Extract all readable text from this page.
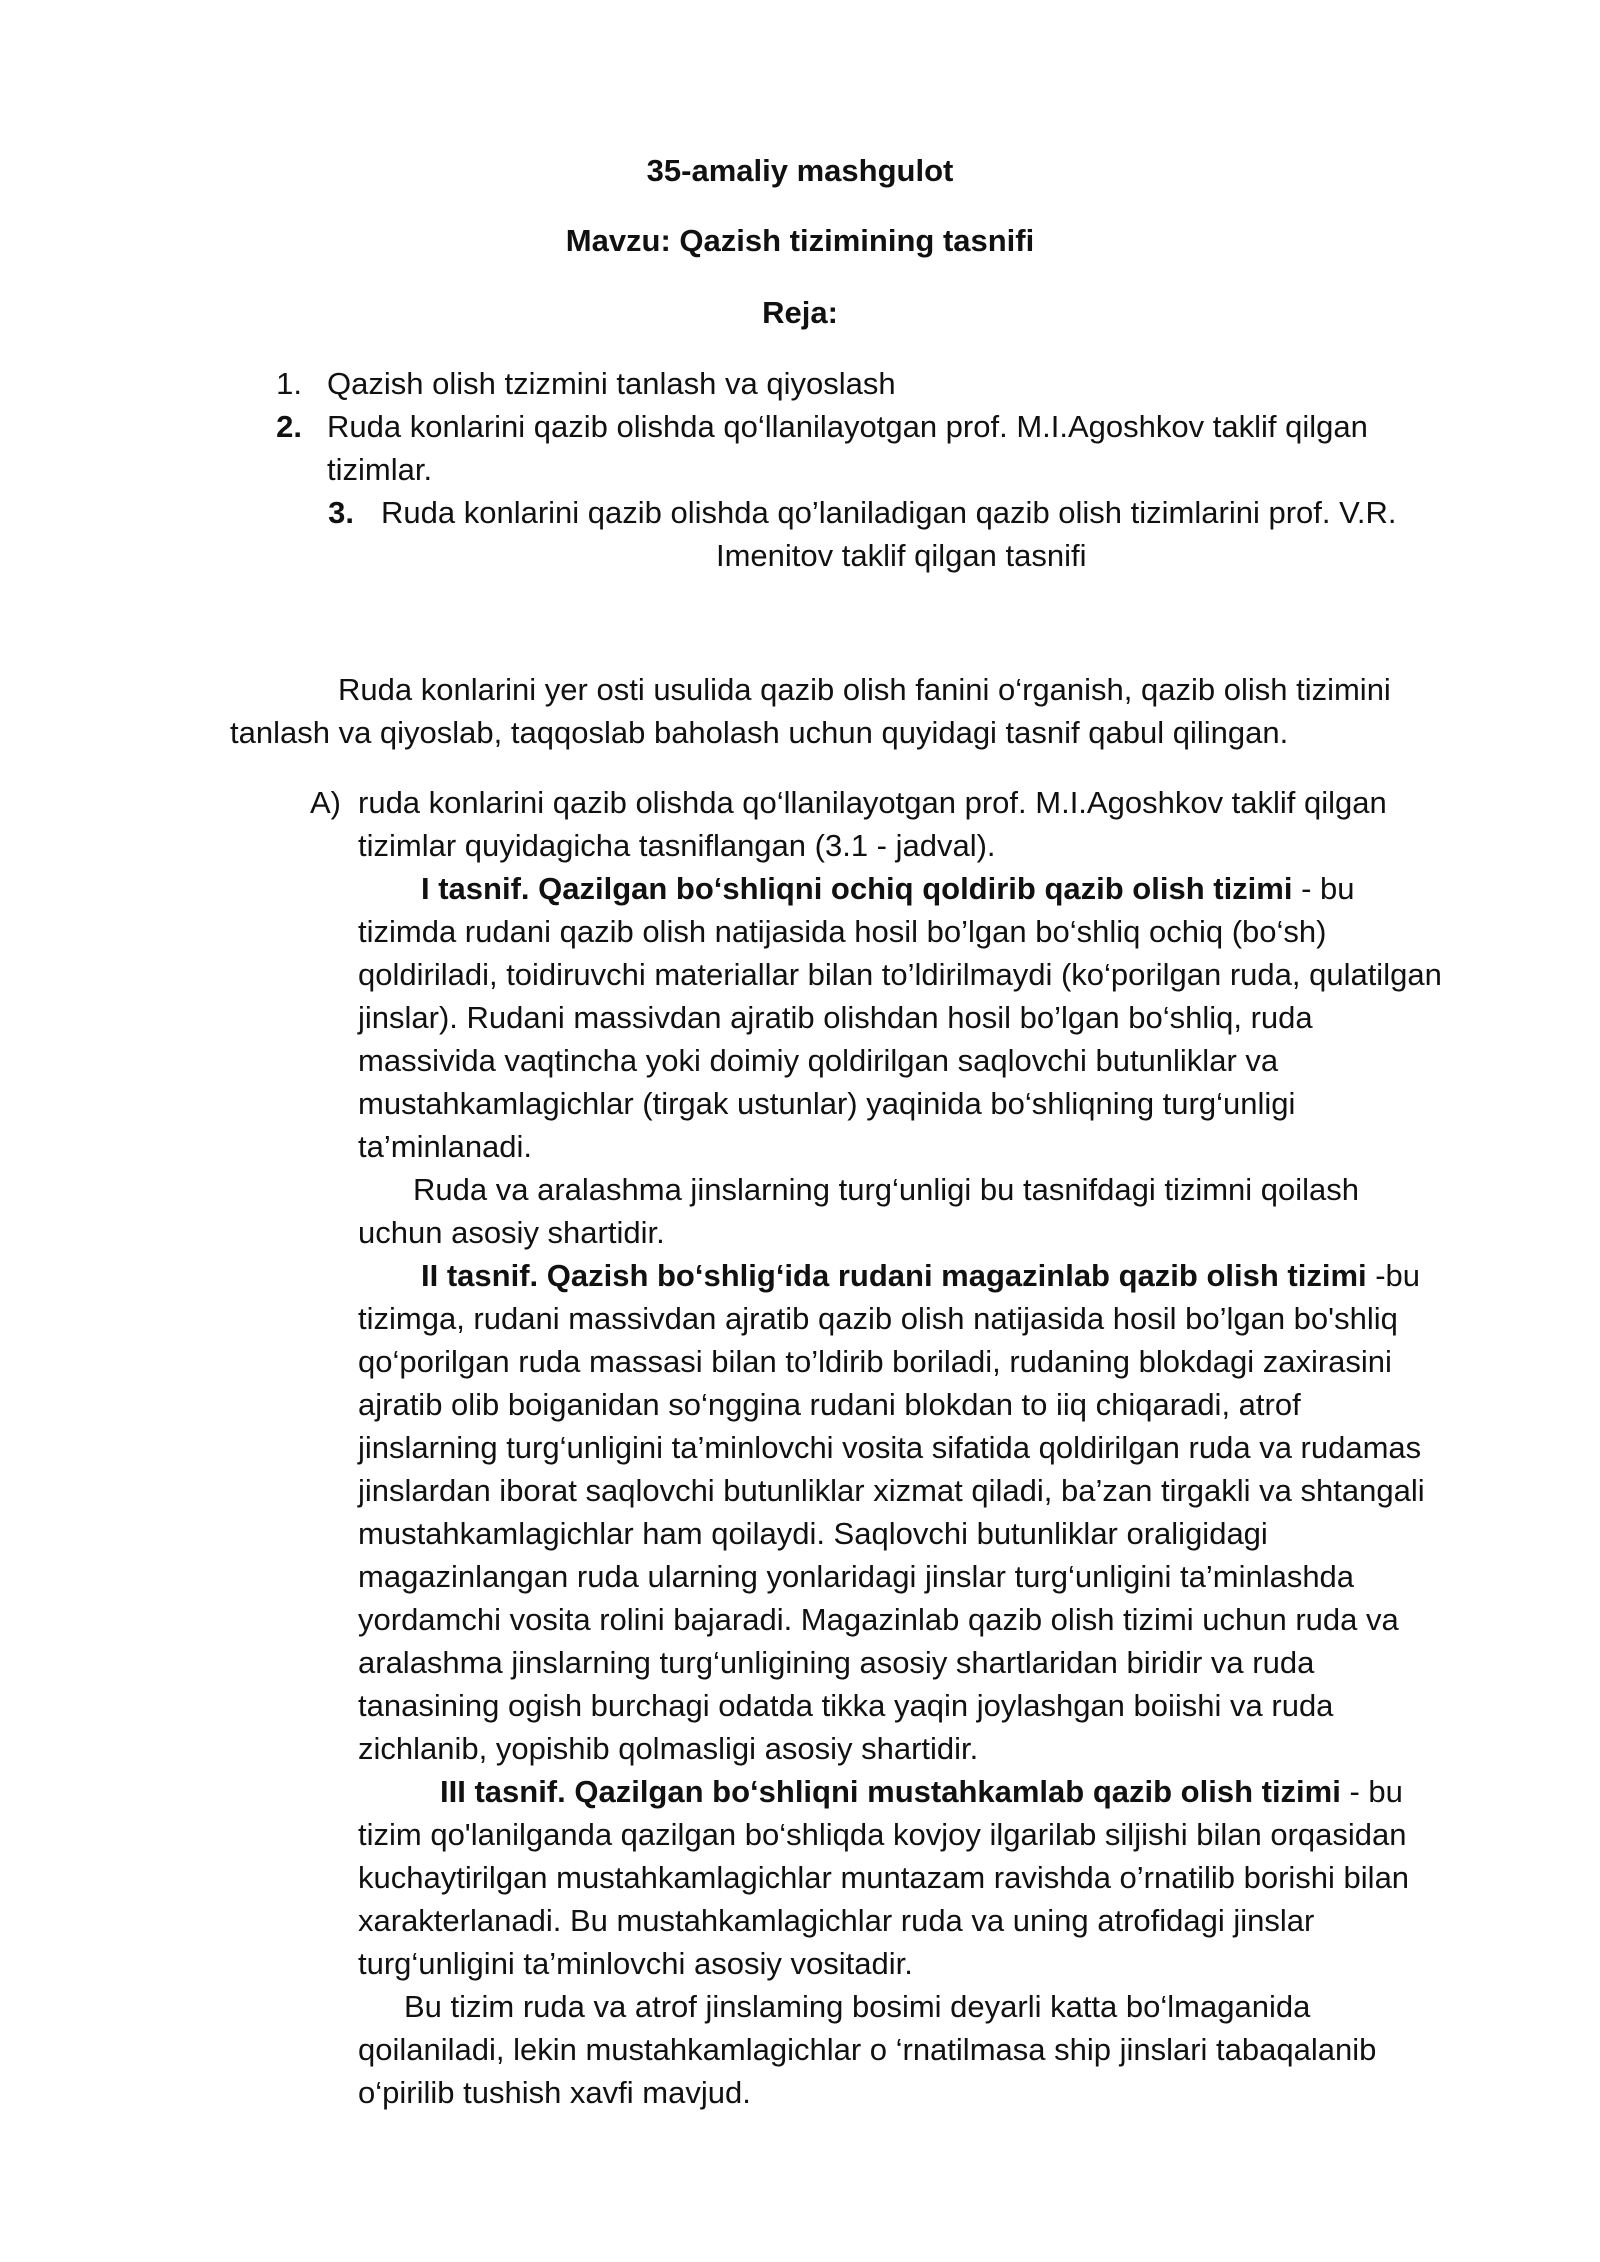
35-amaliy mashgulot
Mavzu: Qazish tizimining tasnifi
Reja:
1. Qazish olish tzizmini tanlash va qiyoslash
2. Ruda konlarini qazib olishda qo‘llanilayotgan prof. M.I.Agoshkov taklif qilgan
tizimlar.
3. Ruda konlarini qazib olishda qo’laniladigan qazib olish tizimlarini prof. V.R.
Imenitov taklif qilgan tasnifi
Ruda konlarini yer osti usulida qazib olish fanini o‘rganish, qazib olish tizimini
tanlash va qiyoslab, taqqoslab baholash uchun quyidagi tasnif qabul qilingan.
A) ruda konlarini qazib olishda qo‘llanilayotgan prof. M.I.Agoshkov taklif qilgan
tizimlar quyidagicha tasniflangan (3.1 - jadval).
I tasnif. Qazilgan bo‘shIiqni ochiq qoldirib qazib olish tizimi - bu
tizimda rudani qazib olish natijasida hosil bo’lgan bo‘shliq ochiq (bo‘sh)
qoldiriladi, toidiruvchi materiallar bilan to’ldirilmaydi (ko‘porilgan ruda, qulatilgan
jinslar). Rudani massivdan ajratib olishdan hosil bo’lgan bo‘shliq, ruda
massivida vaqtincha yoki doimiy qoldirilgan saqlovchi butunliklar va
mustahkamlagichlar (tirgak ustunlar) yaqinida bo‘shliqning turg‘unligi
ta’minlanadi.
Ruda va aralashma jinslarning turg‘unligi bu tasnifdagi tizimni qoilash
uchun asosiy shartidir.
II tasnif. Qazish bo‘shlig‘ida rudani magazinlab qazib olish tizimi -bu
tizimga, rudani massivdan ajratib qazib olish natijasida hosil bo’lgan bo'shliq
qo‘porilgan ruda massasi bilan to’ldirib boriladi, rudaning blokdagi zaxirasini
ajratib olib boiganidan so‘nggina rudani blokdan to iiq chiqaradi, atrof
jinslarning turg‘unligini ta’minlovchi vosita sifatida qoldirilgan ruda va rudamas
jinslardan iborat saqlovchi butunliklar xizmat qiladi, ba’zan tirgakli va shtangali
mustahkamlagichlar ham qoilaydi. Saqlovchi butunliklar oraligidagi
magazinlangan ruda ularning yonlaridagi jinslar turg‘unligini ta’minlashda
yordamchi vosita rolini bajaradi. Magazinlab qazib olish tizimi uchun ruda va
aralashma jinslarning turg‘unligining asosiy shartlaridan biridir va ruda
tanasining ogish burchagi odatda tikka yaqin joylashgan boiishi va ruda
zichlanib, yopishib qolmasligi asosiy shartidir.
III tasnif. Qazilgan bo‘shliqni mustahkamlab qazib olish tizimi - bu
tizim qo'lanilganda qazilgan bo‘shliqda kovjoy ilgarilab siljishi bilan orqasidan
kuchaytirilgan mustahkamlagichlar muntazam ravishda o’rnatilib borishi bilan
xarakterlanadi. Bu mustahkamlagichlar ruda va uning atrofidagi jinslar
turg‘unligini ta’minlovchi asosiy vositadir.
Bu tizim ruda va atrof jinslaming bosimi deyarli katta bo‘lmaganida
qoilaniladi, lekin mustahkamlagichlar o ‘rnatilmasa ship jinslari tabaqalanib
o‘pirilib tushish xavfi mavjud.
